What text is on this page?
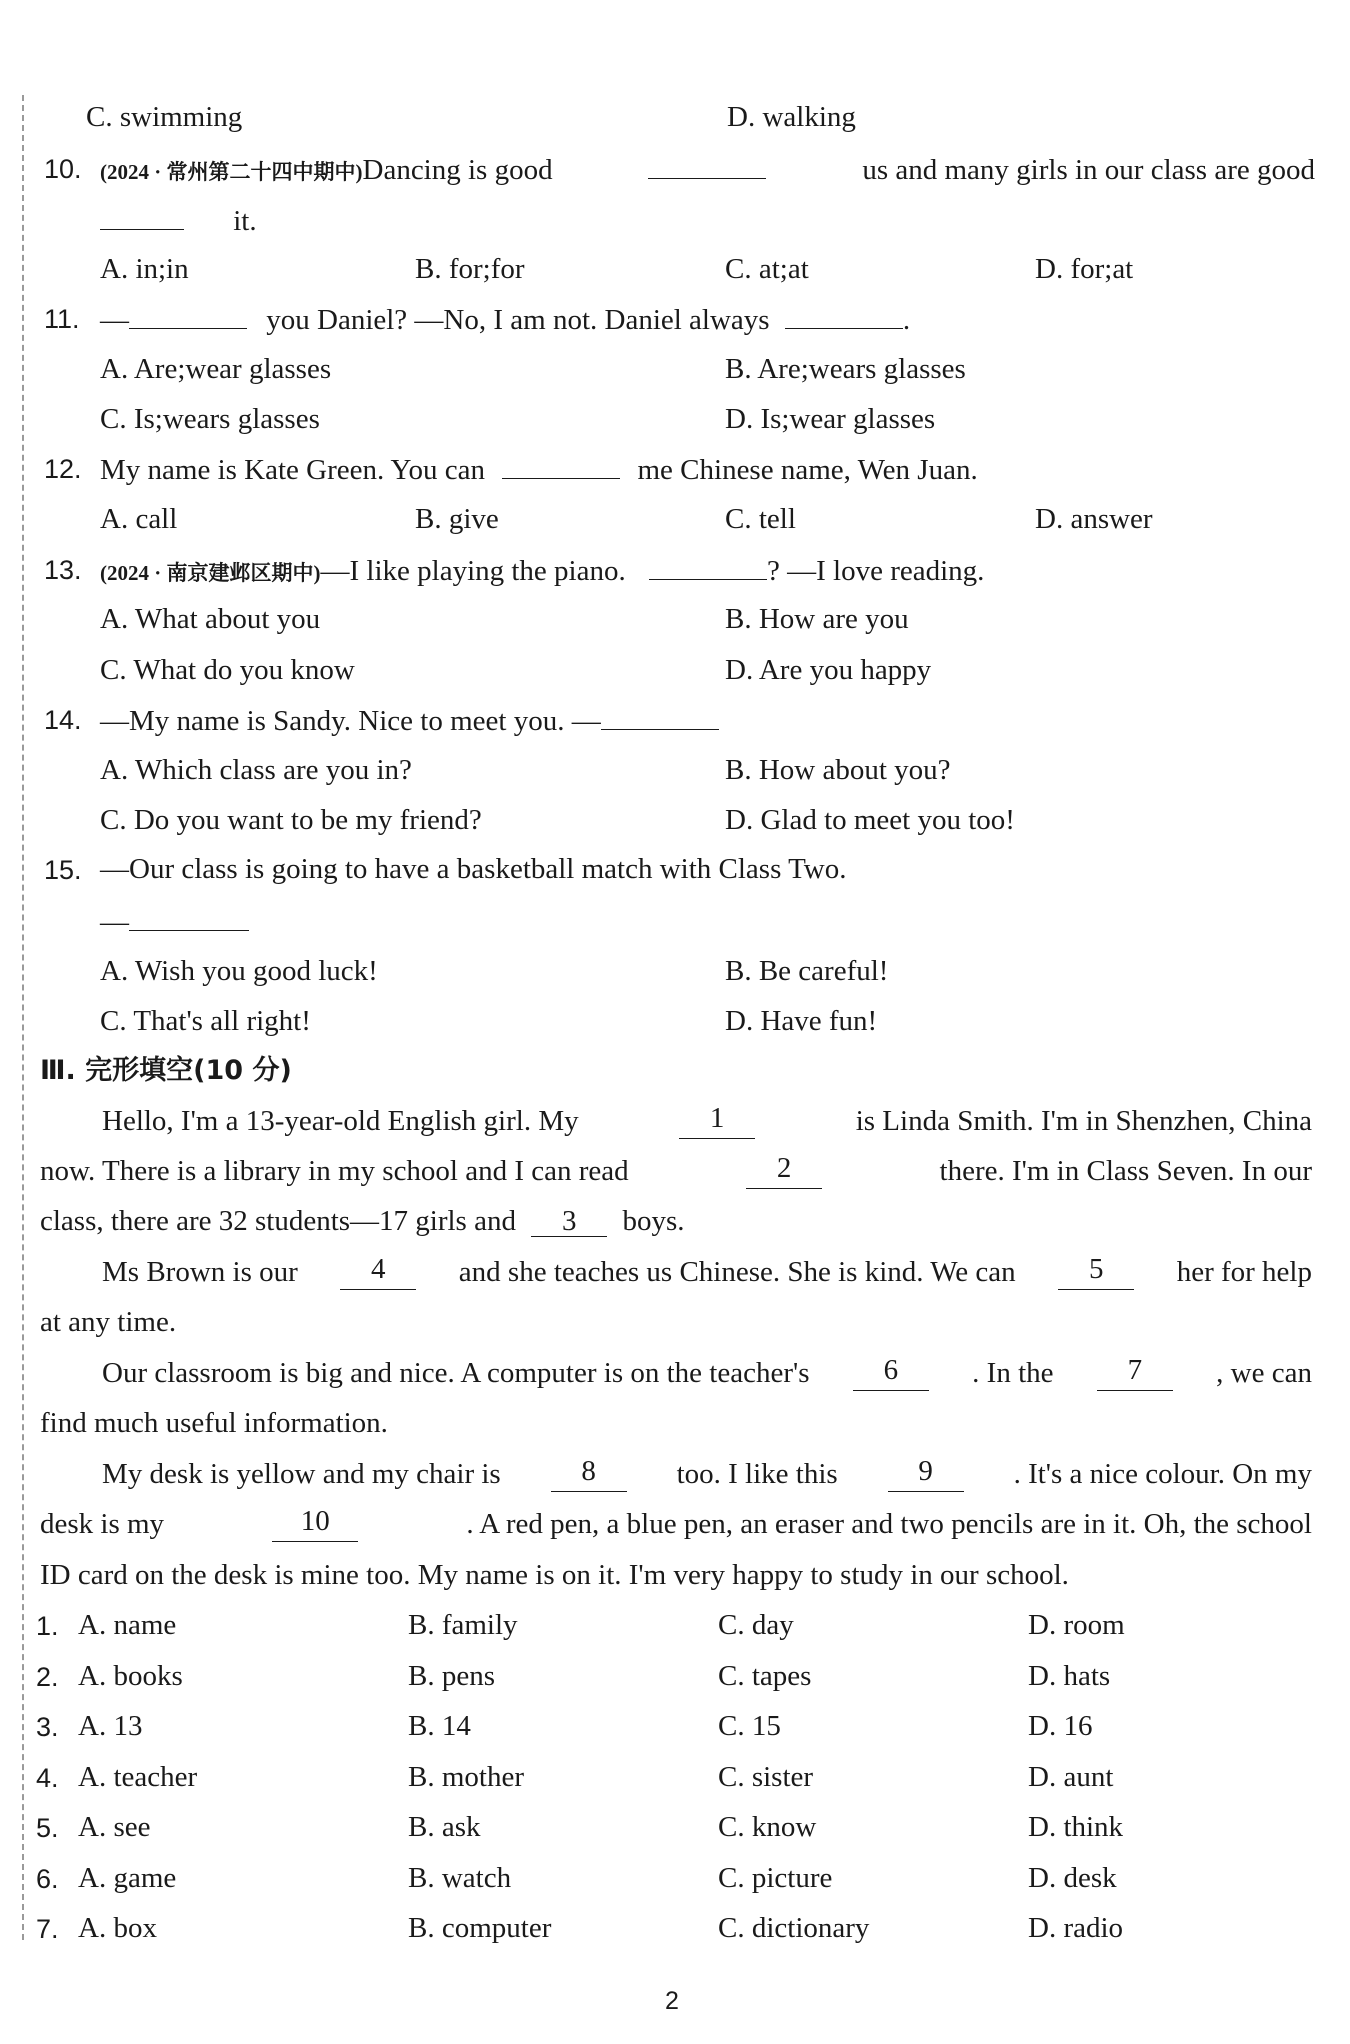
C. swimming	D. walking
10. (2024 · 常州第二十四中期中)Dancing is good	us and many girls in our class are good
it.
A. in;in	B. for;for	C. at;at	D. for;at
11. —	you Daniel? —No, I am not. Daniel always	.
A. Are;wear glasses	B. Are;wears glasses
C. Is;wears glasses	D. Is;wear glasses
12. My name is Kate Green. You can	me Chinese name, Wen Juan.
A. call	B. give	C. tell	D. answer
13. (2024 · 南京建邺区期中)—I like playing the piano.	? —I love reading.
A. What about you	B. How are you
C. What do you know	D. Are you happy
14. —My name is Sandy. Nice to meet you. —
A. Which class are you in?	B. How about you?
C. Do you want to be my friend?	D. Glad to meet you too!
15. —Our class is going to have a basketball match with Class Two.
—
A. Wish you good luck!	B. Be careful!
C. That's all right!	D. Have fun!
Ⅲ. 完形填空(10 分)
Hello, I'm a 13-year-old English girl. My	1	is Linda Smith. I'm in Shenzhen, China
now. There is a library in my school and I can read	2	there. I'm in Class Seven. In our
class, there are 32 students—17 girls and 3 boys.
Ms Brown is our	4	and she teaches us Chinese. She is kind. We can	5	her for help
at any time.
Our classroom is big and nice. A computer is on the teacher's	6	. In the	7	, we can
find much useful information.
My desk is yellow and my chair is	8	too. I like this	9	. It's a nice colour. On my
desk is my	10	. A red pen, a blue pen, an eraser and two pencils are in it. Oh, the school
ID card on the desk is mine too. My name is on it. I'm very happy to study in our school.
1. A. name	B. family	C. day	D. room
2. A. books	B. pens	C. tapes	D. hats
3. A. 13	B. 14	C. 15	D. 16
4. A. teacher	B. mother	C. sister	D. aunt
5. A. see	B. ask	C. know	D. think
6. A. game	B. watch	C. picture	D. desk
7. A. box	B. computer	C. dictionary	D. radio
2
